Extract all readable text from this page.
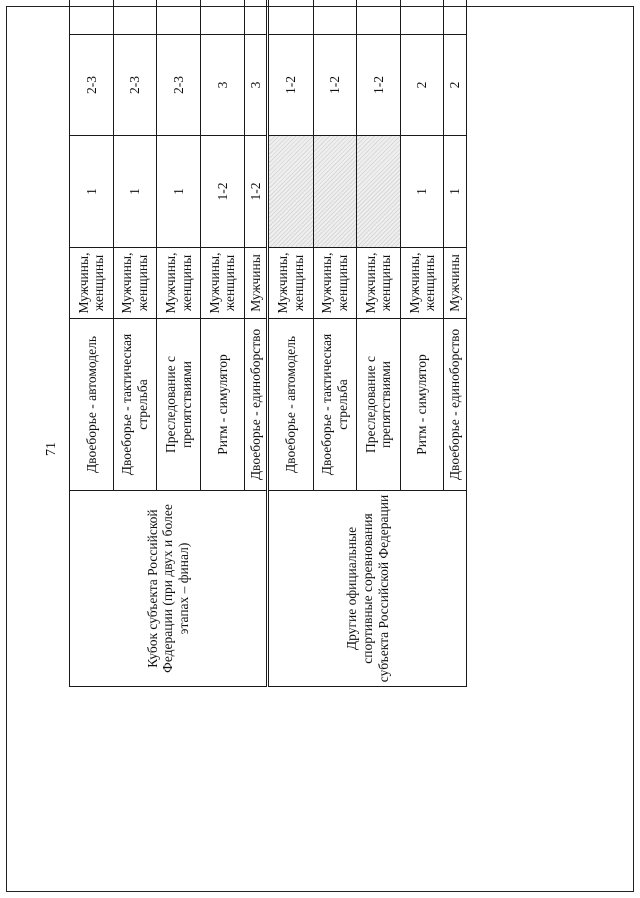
71
Кубок субъекта Российской Федерации (при двух и более этапах – финал)	Двоеборье - автомодель	Мужчины, женщины	1	2-3	
	Двоеборье - тактическая стрельба	Мужчины, женщины	1	2-3	
	Преследование с препятствиями	Мужчины, женщины	1	2-3	
	Ритм - симулятор	Мужчины, женщины	1-2	3	
	Двоеборье - единоборство	Мужчины	1-2	3	
Другие официальные спортивные соревнования субъекта Российской Федерации	Двоеборье - автомодель	Мужчины, женщины		1-2	
	Двоеборье - тактическая стрельба	Мужчины, женщины		1-2	
	Преследование с препятствиями	Мужчины, женщины		1-2	
	Ритм - симулятор	Мужчины, женщины	1	2	
	Двоеборье - единоборство	Мужчины	1	2	
